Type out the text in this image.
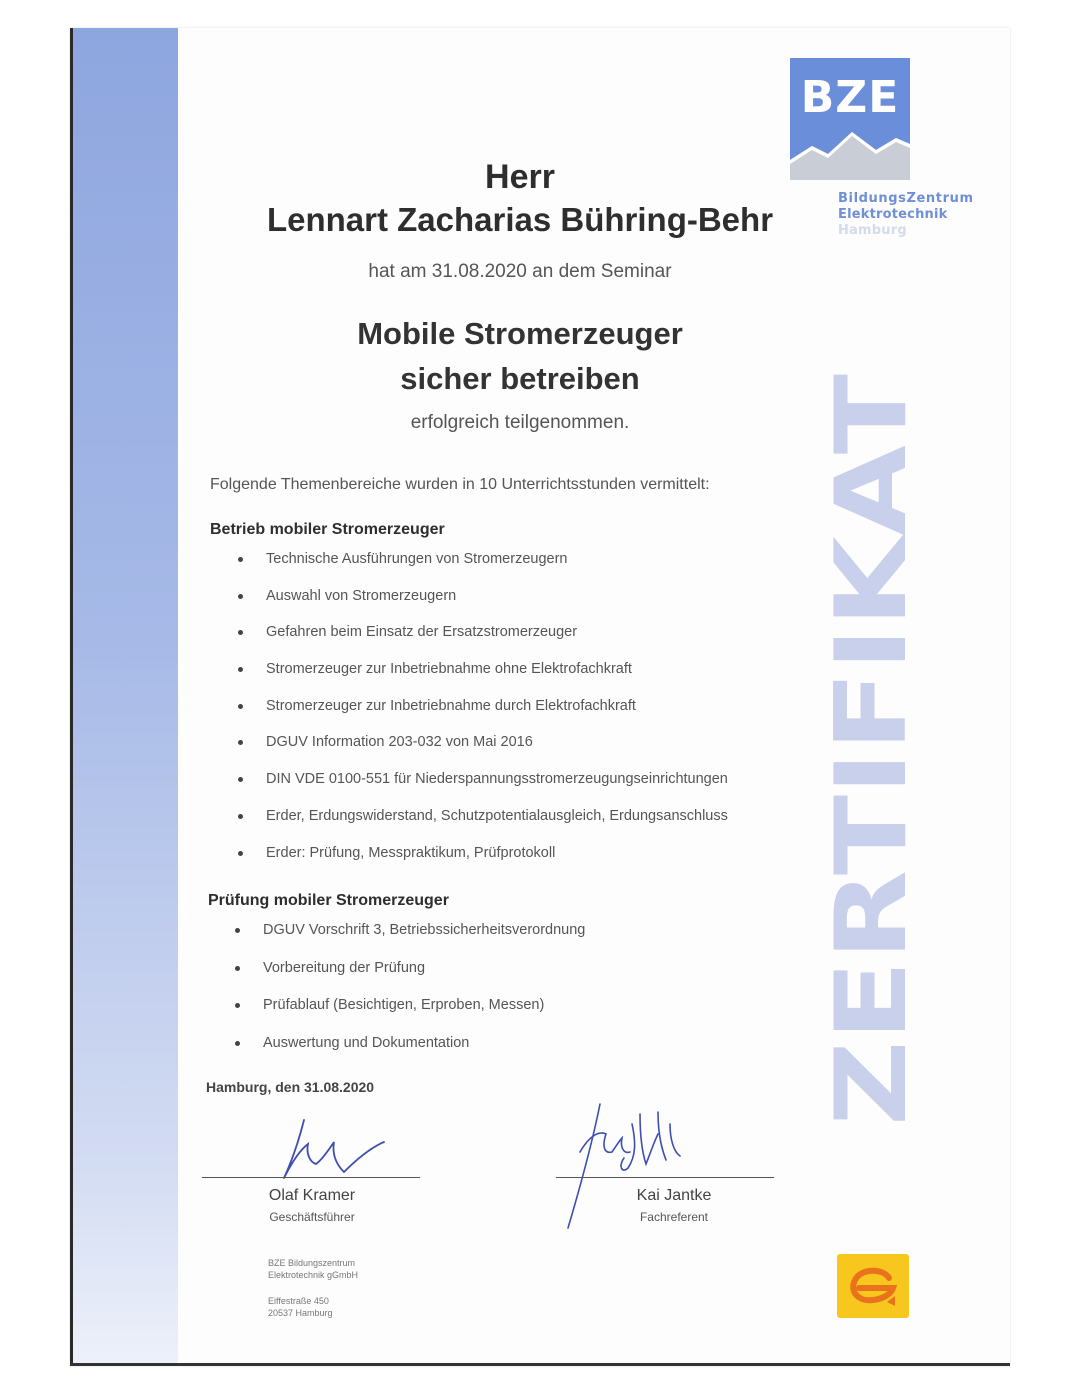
BZE
BildungsZentrum
Elektrotechnik
Hamburg
Herr
Lennart Zacharias Bühring-Behr
hat am 31.08.2020 an dem Seminar
Mobile Stromerzeuger
sicher betreiben
erfolgreich teilgenommen.
Folgende Themenbereiche wurden in 10 Unterrichtsstunden vermittelt:
Betrieb mobiler Stromerzeuger
Technische Ausführungen von Stromerzeugern
Auswahl von Stromerzeugern
Gefahren beim Einsatz der Ersatzstromerzeuger
Stromerzeuger zur Inbetriebnahme ohne Elektrofachkraft
Stromerzeuger zur Inbetriebnahme durch Elektrofachkraft
DGUV Information 203-032 von Mai 2016
DIN VDE 0100-551 für Niederspannungsstromerzeugungseinrichtungen
Erder, Erdungswiderstand, Schutzpotentialausgleich, Erdungsanschluss
Erder: Prüfung, Messpraktikum, Prüfprotokoll
Prüfung mobiler Stromerzeuger
DGUV Vorschrift 3, Betriebssicherheitsverordnung
Vorbereitung der Prüfung
Prüfablauf (Besichtigen, Erproben, Messen)
Auswertung und Dokumentation	ZERTIFIKAT
Hamburg, den 31.08.2020
Olaf Kramer
Geschäftsführer
Kai Jantke
Fachreferent
BZE Bildungszentrum
Elektrotechnik gGmbH
Eiffestraße 450
20537 Hamburg
